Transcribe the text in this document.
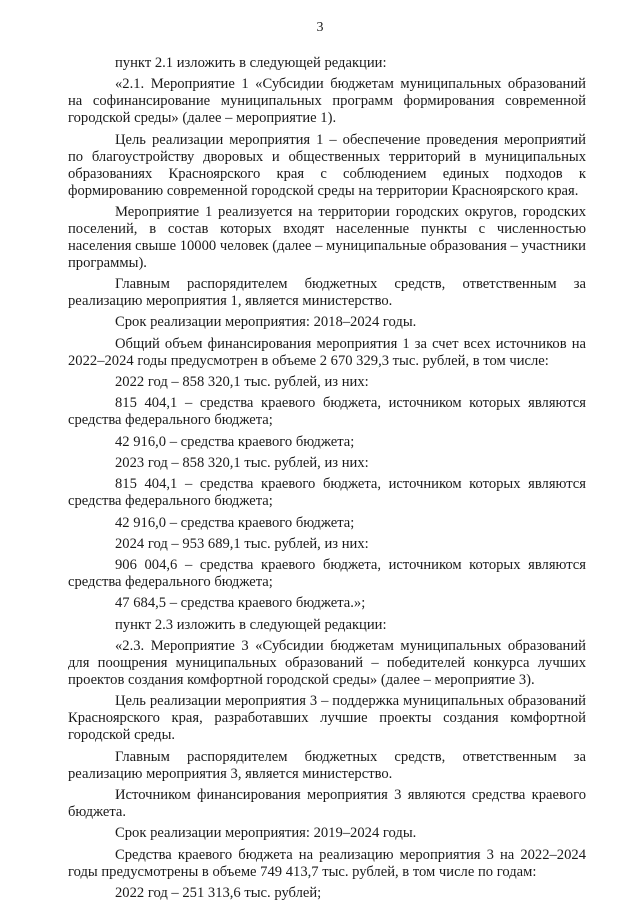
3

пункт 2.1 изложить в следующей редакции:

«2.1. Мероприятие 1 «Субсидии бюджетам муниципальных образований на софинансирование муниципальных программ формирования современной городской среды» (далее – мероприятие 1).

Цель реализации мероприятия 1 – обеспечение проведения мероприятий по благоустройству дворовых и общественных территорий в муниципальных образованиях Красноярского края с соблюдением единых подходов к формированию современной городской среды на территории Красноярского края.

Мероприятие 1 реализуется на территории городских округов, городских поселений, в состав которых входят населенные пункты с численностью населения свыше 10000 человек (далее – муниципальные образования – участники программы).

Главным распорядителем бюджетных средств, ответственным за реализацию мероприятия 1, является министерство.

Срок реализации мероприятия: 2018–2024 годы.

Общий объем финансирования мероприятия 1 за счет всех источников на 2022–2024 годы предусмотрен в объеме 2 670 329,3 тыс. рублей, в том числе:

2022 год – 858 320,1 тыс. рублей, из них:

815 404,1 – средства краевого бюджета, источником которых являются средства федерального бюджета;

42 916,0 – средства краевого бюджета;

2023 год – 858 320,1 тыс. рублей, из них:

815 404,1 – средства краевого бюджета, источником которых являются средства федерального бюджета;

42 916,0 – средства краевого бюджета;

2024 год – 953 689,1 тыс. рублей, из них:

906 004,6 – средства краевого бюджета, источником которых являются средства федерального бюджета;

47 684,5 – средства краевого бюджета.»;

пункт 2.3 изложить в следующей редакции:

«2.3. Мероприятие 3 «Субсидии бюджетам муниципальных образований для поощрения муниципальных образований – победителей конкурса лучших проектов создания комфортной городской среды» (далее – мероприятие 3).

Цель реализации мероприятия 3 – поддержка муниципальных образований Красноярского края, разработавших лучшие проекты создания комфортной городской среды.

Главным распорядителем бюджетных средств, ответственным за реализацию мероприятия 3, является министерство.

Источником финансирования мероприятия 3 являются средства краевого бюджета.

Срок реализации мероприятия: 2019–2024 годы.

Средства краевого бюджета на реализацию мероприятия 3 на 2022–2024 годы предусмотрены в объеме 749 413,7 тыс. рублей, в том числе по годам:

2022 год – 251 313,6 тыс. рублей;
